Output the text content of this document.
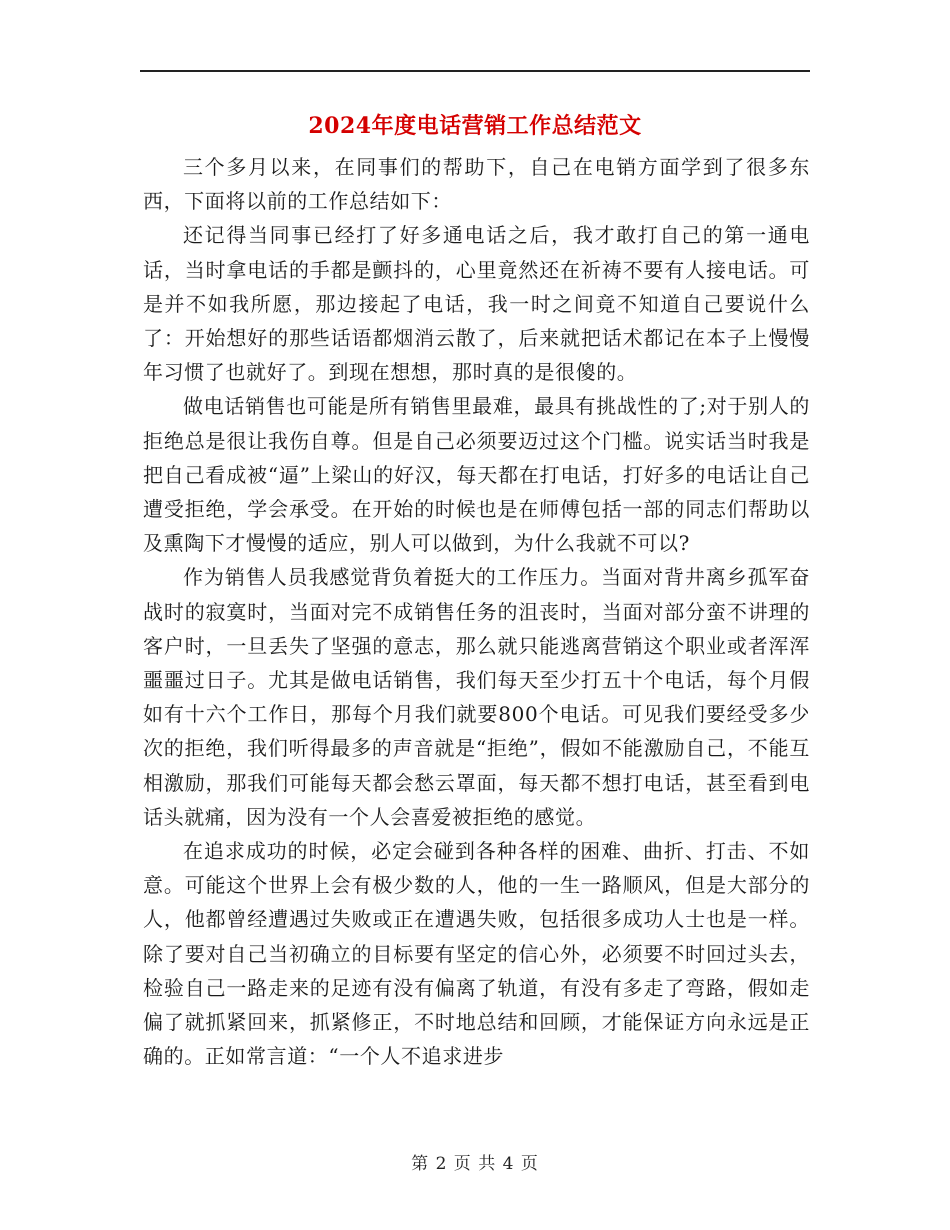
2024年度电话营销工作总结范文

三个多月以来，在同事们的帮助下，自己在电销方面学到了很多东西，下面将以前的工作总结如下：

还记得当同事已经打了好多通电话之后，我才敢打自己的第一通电话，当时拿电话的手都是颤抖的，心里竟然还在祈祷不要有人接电话。可是并不如我所愿，那边接起了电话，我一时之间竟不知道自己要说什么了：开始想好的那些话语都烟消云散了，后来就把话术都记在本子上慢慢年习惯了也就好了。到现在想想，那时真的是很傻的。

做电话销售也可能是所有销售里最难，最具有挑战性的了;对于别人的拒绝总是很让我伤自尊。但是自己必须要迈过这个门槛。说实话当时我是把自己看成被“逼”上梁山的好汉，每天都在打电话，打好多的电话让自己遭受拒绝，学会承受。在开始的时候也是在师傅包括一部的同志们帮助以及熏陶下才慢慢的适应，别人可以做到，为什么我就不可以?

作为销售人员我感觉背负着挺大的工作压力。当面对背井离乡孤军奋战时的寂寞时，当面对完不成销售任务的沮丧时，当面对部分蛮不讲理的客户时，一旦丢失了坚强的意志，那么就只能逃离营销这个职业或者浑浑噩噩过日子。尤其是做电话销售，我们每天至少打五十个电话，每个月假如有十六个工作日，那每个月我们就要800个电话。可见我们要经受多少次的拒绝，我们听得最多的声音就是“拒绝”，假如不能激励自己，不能互相激励，那我们可能每天都会愁云罩面，每天都不想打电话，甚至看到电话头就痛，因为没有一个人会喜爱被拒绝的感觉。

在追求成功的时候，必定会碰到各种各样的困难、曲折、打击、不如意。可能这个世界上会有极少数的人，他的一生一路顺风，但是大部分的人，他都曾经遭遇过失败或正在遭遇失败，包括很多成功人士也是一样。除了要对自己当初确立的目标要有坚定的信心外，必须要不时回过头去，检验自己一路走来的足迹有没有偏离了轨道，有没有多走了弯路，假如走偏了就抓紧回来，抓紧修正，不时地总结和回顾，才能保证方向永远是正确的。正如常言道：“一个人不追求进步

第 2 页 共 4 页
